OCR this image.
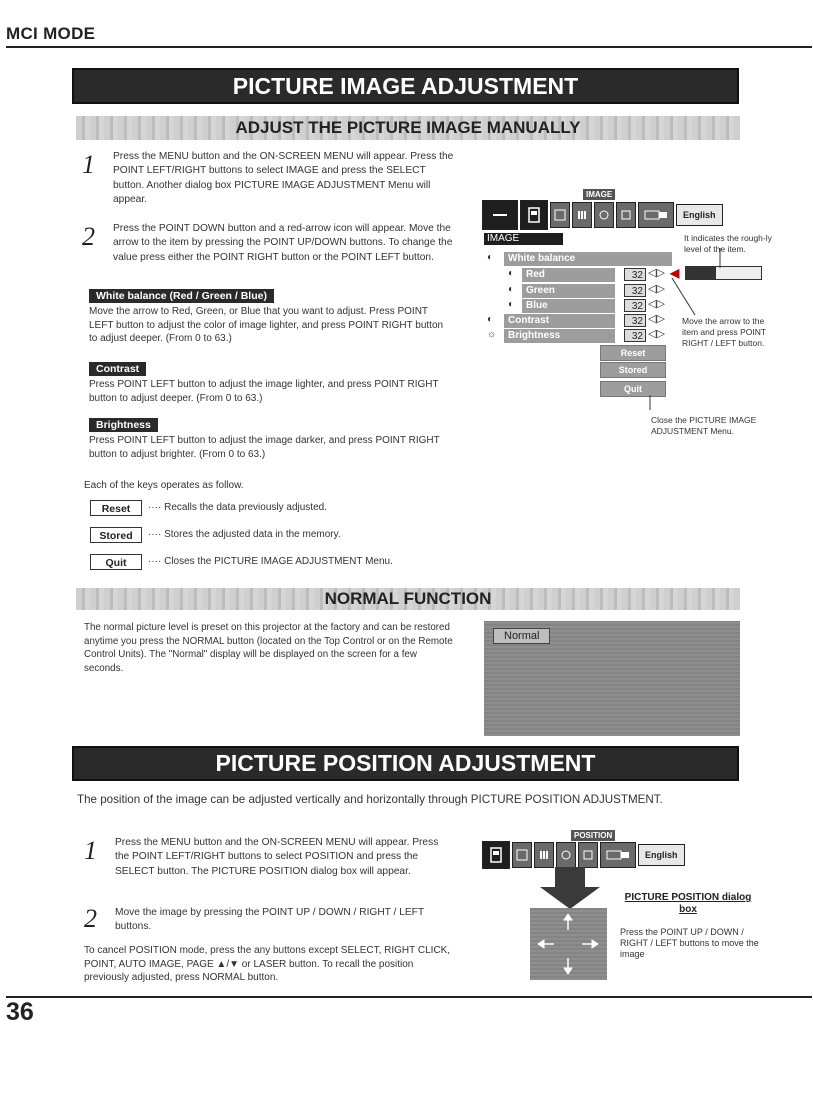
MCI MODE
PICTURE IMAGE ADJUSTMENT
ADJUST THE PICTURE IMAGE MANUALLY
1 Press the MENU button and the ON-SCREEN MENU will appear. Press the POINT LEFT/RIGHT buttons to select IMAGE and press the SELECT button. Another dialog box PICTURE IMAGE ADJUSTMENT Menu will appear.
2 Press the POINT DOWN button and a red-arrow icon will appear. Move the arrow to the item by pressing the POINT UP/DOWN buttons. To change the value press either the POINT RIGHT button or the POINT LEFT button.
White balance (Red / Green / Blue)
Move the arrow to Red, Green, or Blue that you want to adjust. Press POINT LEFT button to adjust the color of image lighter, and press POINT RIGHT button to adjust deeper. (From 0 to 63.)
Contrast
Press POINT LEFT button to adjust the image lighter, and press POINT RIGHT button to adjust deeper. (From 0 to 63.)
Brightness
Press POINT LEFT button to adjust the image darker, and press POINT RIGHT button to adjust brighter. (From 0 to 63.)
Each of the keys operates as follow.
Reset	···· Recalls the data previously adjusted.
Stored	···· Stores the adjusted data in the memory.
Quit	···· Closes the PICTURE IMAGE ADJUSTMENT Menu.
IMAGE
English
IMAGE
◐	White balance
◐	Red	32 ◁▷ ◀
◐	Green	32 ◁▷
◐	Blue	32 ◁▷
◐	Contrast	32 ◁▷
☼	Brightness	32 ◁▷
Reset
Stored
Quit
It indicates the rough-ly level of the item.
Move the arrow to the item and press POINT RIGHT / LEFT button.
Close the PICTURE IMAGE ADJUSTMENT Menu.
NORMAL FUNCTION
The normal picture level is preset on this projector at the factory and can be restored anytime you press the NORMAL button (located on the Top Control or on the Remote Control Units). The "Normal" display will be displayed on the screen for a few seconds.
Normal
PICTURE POSITION ADJUSTMENT
The position of the image can be adjusted vertically and horizontally through PICTURE POSITION ADJUSTMENT.
1 Press the MENU button and the ON-SCREEN MENU will appear. Press the POINT LEFT/RIGHT buttons to select POSITION and press the SELECT button. The PICTURE POSITION dialog box will appear.
2 Move the image by pressing the POINT UP / DOWN / RIGHT / LEFT buttons.
To cancel POSITION mode, press the any buttons except SELECT, RIGHT CLICK, POINT, AUTO IMAGE, PAGE ▲/▼ or LASER button. To recall the position previously adjusted, press NORMAL button.
POSITION
English
PICTURE POSITION dialog box
Press the POINT UP / DOWN / RIGHT / LEFT buttons to move the image
36
